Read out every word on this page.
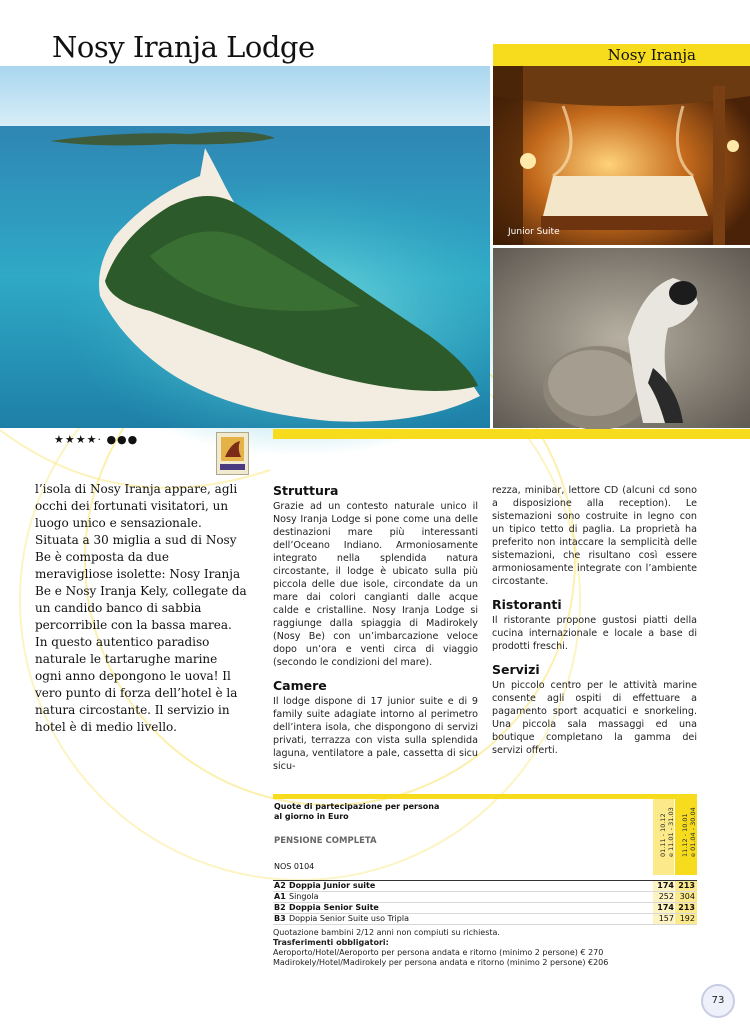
Nosy Iranja Lodge	Nosy Iranja
Junior Suite
★★★★· ●●●
l’isola di Nosy Iranja appare, agli occhi dei fortunati visitatori, un luogo unico e sensazionale. Situata a 30 miglia a sud di Nosy Be è composta da due meravigliose isolette: Nosy Iranja Be e Nosy Iranja Kely, collegate da un candido banco di sabbia percorribile con la bassa marea. In questo autentico paradiso naturale le tartarughe marine ogni anno depongono le uova! Il vero punto di forza dell’hotel è la natura circostante. Il servizio in hotel è di medio livello.
Struttura

Grazie ad un contesto naturale unico il Nosy Iranja Lodge si pone come una delle destinazioni mare più interessanti dell’Oceano Indiano. Armoniosamente integrato nella splendida natura circostante, il lodge è ubicato sulla più piccola delle due isole, circondate da un mare dai colori cangianti dalle acque calde e cristalline. Nosy Iranja Lodge si raggiunge dalla spiaggia di Madirokely (Nosy Be) con un’imbarcazione veloce dopo un’ora e venti circa di viaggio (secondo le condizioni del mare).

Camere

Il lodge dispone di 17 junior suite e di 9 family suite adagiate intorno al perimetro dell’intera isola, che dispongono di servizi privati, terrazza con vista sulla splendida laguna, ventilatore a pale, cassetta di sicu sicu-

rezza, minibar, lettore CD (alcuni cd sono a disposizione alla reception). Le sistemazioni sono costruite in legno con un tipico tetto di paglia. La proprietà ha preferito non intaccare la semplicità delle sistemazioni, che risultano così essere armoniosamente integrate con l’ambiente circostante.

Ristoranti

Il ristorante propone gustosi piatti della cucina internazionale e locale a base di prodotti freschi.

Servizi

Un piccolo centro per le attività marine consente agli ospiti di effettuare a pagamento sport acquatici e snorkeling. Una piccola sala massaggi ed una boutique completano la gamma dei servizi offerti.

Quote di partecipazione per persona al giorno in Euro
PENSIONE COMPLETA
NOS 0104
01.11 - 10.12
e 11.01 - 31.03
11.12 - 10.01
e 01.04 - 30.04
A2 Doppia Junior suite	174 213
A1 Singola	252 304
B2 Doppia Senior Suite	174 213
B3 Doppia Senior Suite uso Tripla	157 192
Quotazione bambini 2/12 anni non compiuti su richiesta.
Trasferimenti obbligatori:
Aeroporto/Hotel/Aeroporto per persona andata e ritorno (minimo 2 persone) € 270
Madirokely/Hotel/Madirokely per persona andata e ritorno (minimo 2 persone) €206
73
